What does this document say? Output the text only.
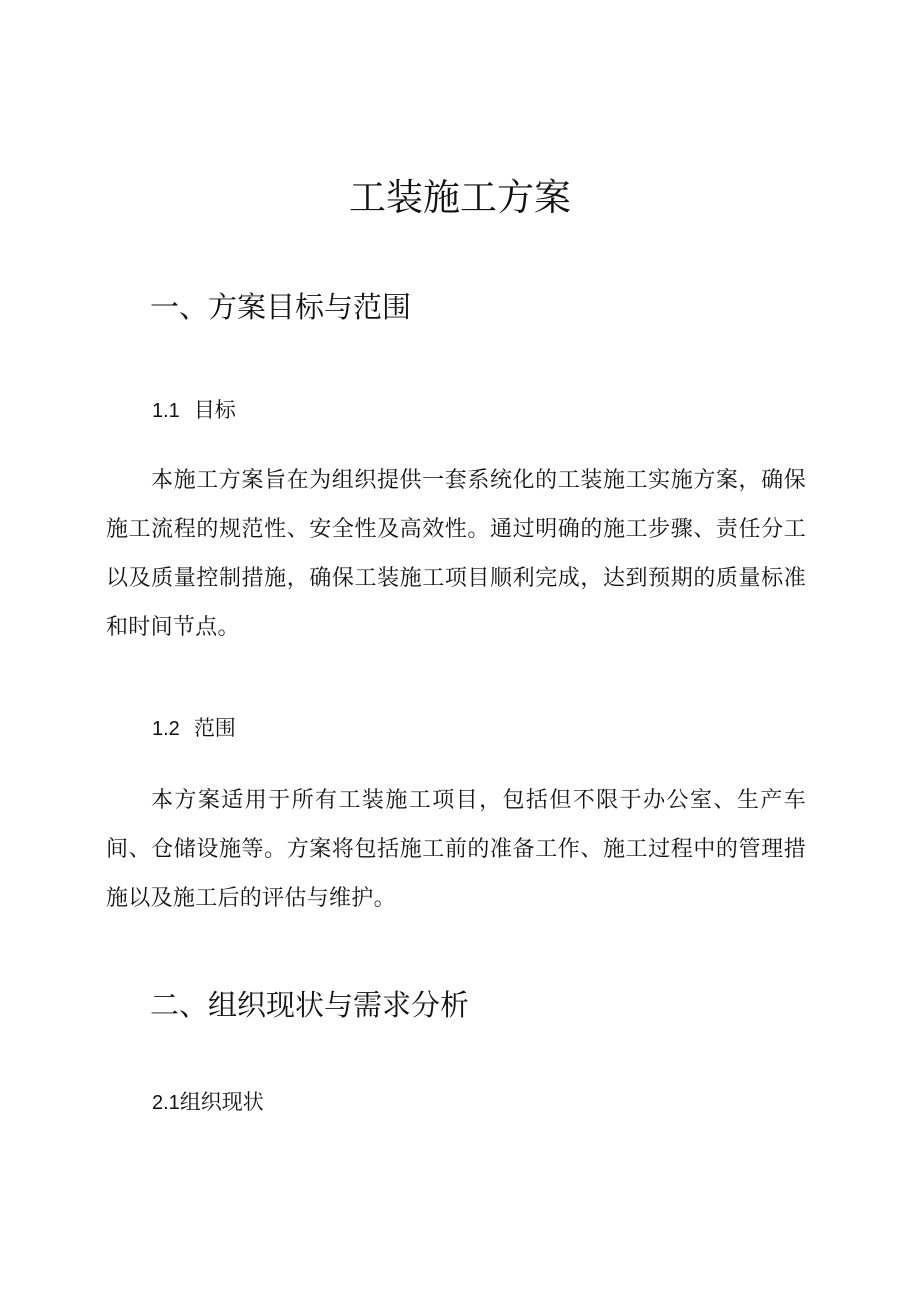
工装施工方案
一、方案目标与范围
1.1 目标

本施工方案旨在为组织提供一套系统化的工装施工实施方案，确保施工流程的规范性、安全性及高效性。通过明确的施工步骤、责任分工以及质量控制措施，确保工装施工项目顺利完成，达到预期的质量标准和时间节点。

1.2 范围

本方案适用于所有工装施工项目，包括但不限于办公室、生产车间、仓储设施等。方案将包括施工前的准备工作、施工过程中的管理措施以及施工后的评估与维护。

二、组织现状与需求分析
2.1组织现状
